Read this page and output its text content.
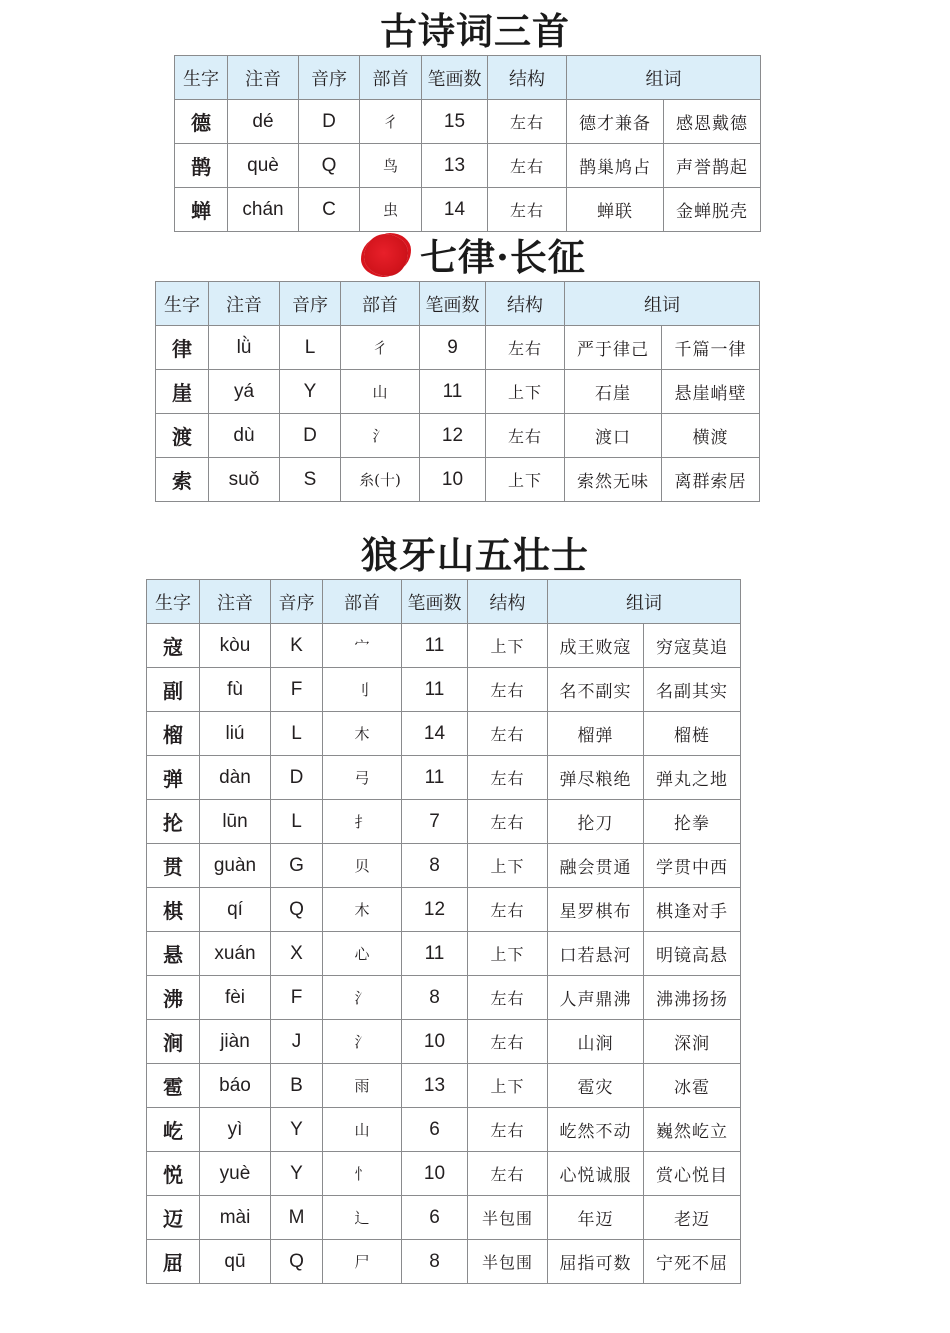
古诗词三首
生字	注音	音序	部首	笔画数	结构	组词	
德	dé	D	彳	15	左右	德才兼备	感恩戴德
鹊	què	Q	鸟	13	左右	鹊巢鸠占	声誉鹊起
蝉	chán	C	虫	14	左右	蝉联	金蝉脱壳
七律·长征
生字	注音	音序	部首	笔画数	结构	组词	
律	lǜ	L	彳	9	左右	严于律己	千篇一律
崖	yá	Y	山	11	上下	石崖	悬崖峭壁
渡	dù	D	氵	12	左右	渡口	横渡
索	suǒ	S	糸(十)	10	上下	索然无味	离群索居
狼牙山五壮士
生字	注音	音序	部首	笔画数	结构	组词	
寇	kòu	K	宀	11	上下	成王败寇	穷寇莫追
副	fù	F	刂	11	左右	名不副实	名副其实
榴	liú	L	木	14	左右	榴弹	榴梿
弹	dàn	D	弓	11	左右	弹尽粮绝	弹丸之地
抡	lūn	L	扌	7	左右	抡刀	抡拳
贯	guàn	G	贝	8	上下	融会贯通	学贯中西
棋	qí	Q	木	12	左右	星罗棋布	棋逢对手
悬	xuán	X	心	11	上下	口若悬河	明镜高悬
沸	fèi	F	氵	8	左右	人声鼎沸	沸沸扬扬
涧	jiàn	J	氵	10	左右	山涧	深涧
雹	báo	B	雨	13	上下	雹灾	冰雹
屹	yì	Y	山	6	左右	屹然不动	巍然屹立
悦	yuè	Y	忄	10	左右	心悦诚服	赏心悦目
迈	mài	M	辶	6	半包围	年迈	老迈
屈	qū	Q	尸	8	半包围	屈指可数	宁死不屈
